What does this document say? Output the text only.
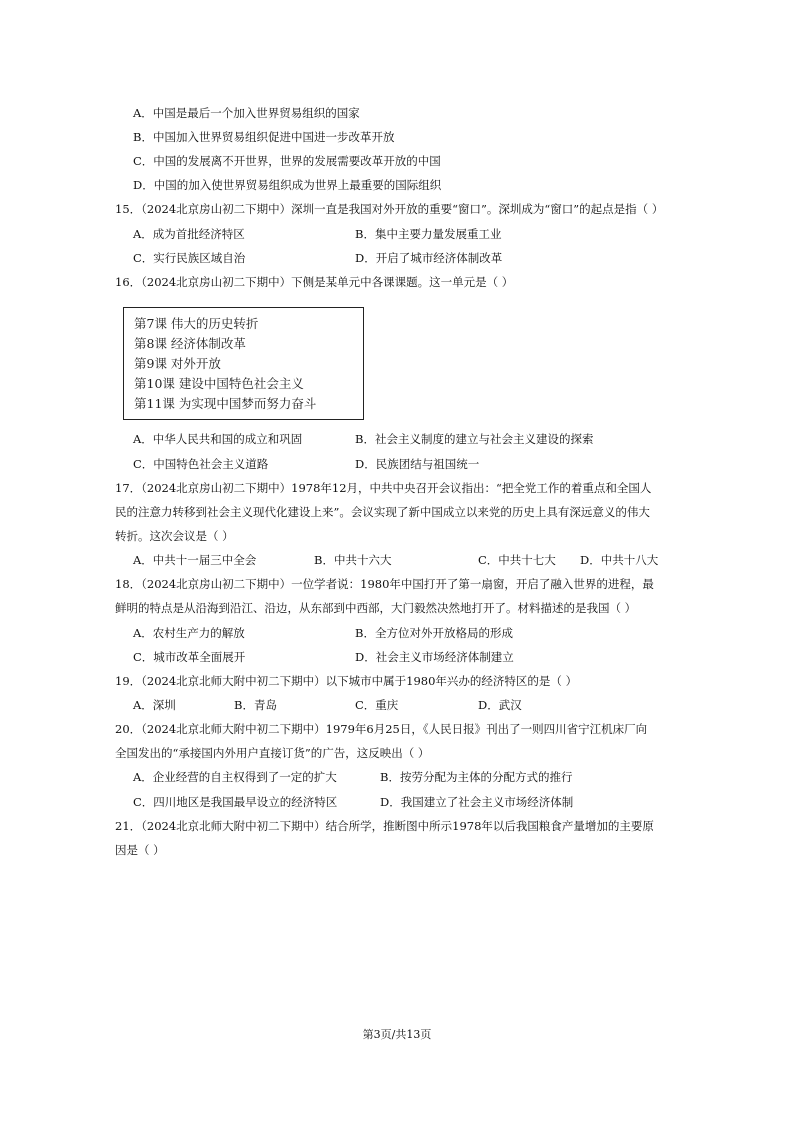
A．中国是最后一个加入世界贸易组织的国家
B．中国加入世界贸易组织促进中国进一步改革开放
C．中国的发展离不开世界，世界的发展需要改革开放的中国
D．中国的加入使世界贸易组织成为世界上最重要的国际组织
15．（2024北京房山初二下期中）深圳一直是我国对外开放的重要“窗口”。深圳成为“窗口”的起点是指（ ）
A．成为首批经济特区	B．集中主要力量发展重工业
C．实行民族区域自治	D．开启了城市经济体制改革
16．（2024北京房山初二下期中）下侧是某单元中各课课题。这一单元是（ ）
第7课 伟大的历史转折
第8课 经济体制改革
第9课 对外开放
第10课 建设中国特色社会主义
第11课 为实现中国梦而努力奋斗
A．中华人民共和国的成立和巩固	B．社会主义制度的建立与社会主义建设的探索
C．中国特色社会主义道路	D．民族团结与祖国统一
17．（2024北京房山初二下期中）1978年12月，中共中央召开会议指出：“把全党工作的着重点和全国人
民的注意力转移到社会主义现代化建设上来”。会议实现了新中国成立以来党的历史上具有深远意义的伟大
转折。这次会议是（ ）
A．中共十一届三中全会	B．中共十六大	C．中共十七大 D．中共十八大
18．（2024北京房山初二下期中）一位学者说：1980年中国打开了第一扇窗，开启了融入世界的进程，最
鲜明的特点是从沿海到沿江、沿边，从东部到中西部，大门毅然决然地打开了。材料描述的是我国（ ）
A．农村生产力的解放	B．全方位对外开放格局的形成
C．城市改革全面展开	D．社会主义市场经济体制建立
19．（2024北京北师大附中初二下期中）以下城市中属于1980年兴办的经济特区的是（ ）
A．深圳	B．青岛	C．重庆	D．武汉
20．（2024北京北师大附中初二下期中）1979年6月25日，《人民日报》刊出了一则四川省宁江机床厂向
全国发出的“承接国内外用户直接订货”的广告，这反映出（ ）
A．企业经营的自主权得到了一定的扩大	B．按劳分配为主体的分配方式的推行
C．四川地区是我国最早设立的经济特区	D．我国建立了社会主义市场经济体制
21．（2024北京北师大附中初二下期中）结合所学，推断图中所示1978年以后我国粮食产量增加的主要原
因是（ ）
第3页/共13页
